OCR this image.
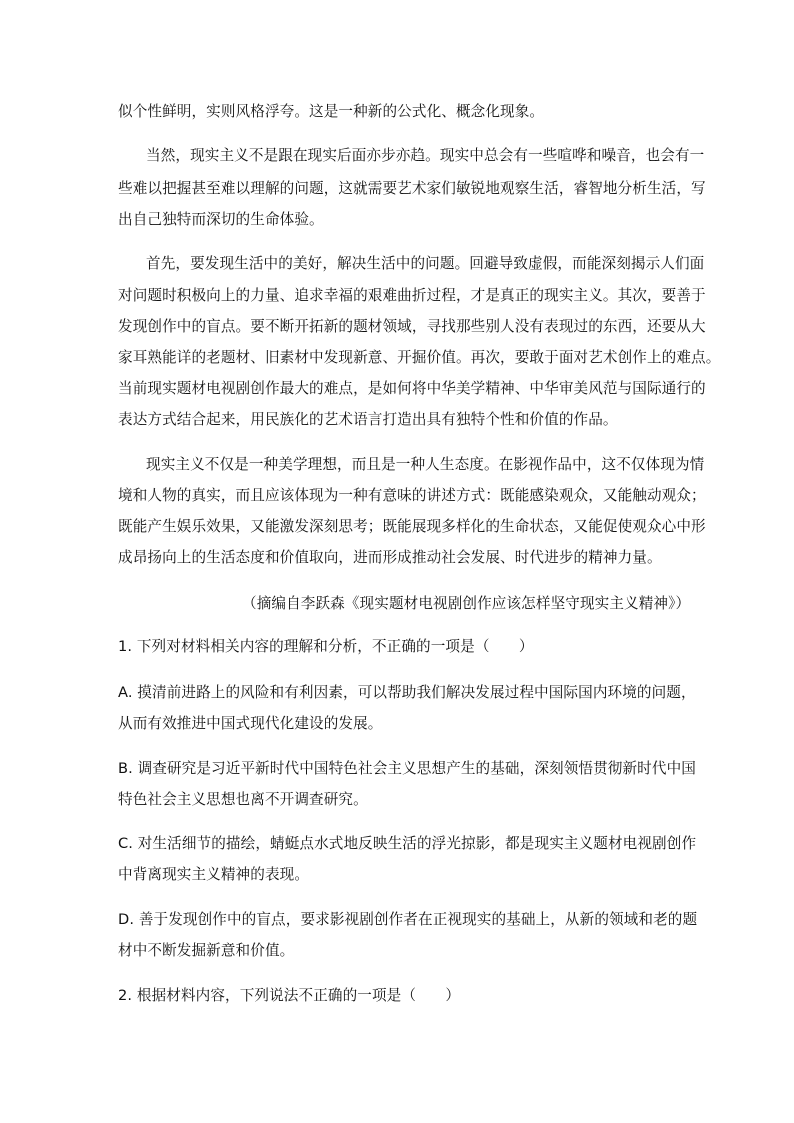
似个性鲜明，实则风格浮夸。这是一种新的公式化、概念化现象。
当然，现实主义不是跟在现实后面亦步亦趋。现实中总会有一些喧哗和噪音，也会有一
些难以把握甚至难以理解的问题，这就需要艺术家们敏锐地观察生活，睿智地分析生活，写
出自己独特而深切的生命体验。
首先，要发现生活中的美好，解决生活中的问题。回避导致虚假，而能深刻揭示人们面
对问题时积极向上的力量、追求幸福的艰难曲折过程，才是真正的现实主义。其次，要善于
发现创作中的盲点。要不断开拓新的题材领域，寻找那些别人没有表现过的东西，还要从大
家耳熟能详的老题材、旧素材中发现新意、开掘价值。再次，要敢于面对艺术创作上的难点。
当前现实题材电视剧创作最大的难点，是如何将中华美学精神、中华审美风范与国际通行的
表达方式结合起来，用民族化的艺术语言打造出具有独特个性和价值的作品。
现实主义不仅是一种美学理想，而且是一种人生态度。在影视作品中，这不仅体现为情
境和人物的真实，而且应该体现为一种有意味的讲述方式：既能感染观众，又能触动观众；
既能产生娱乐效果，又能激发深刻思考；既能展现多样化的生命状态，又能促使观众心中形
成昂扬向上的生活态度和价值取向，进而形成推动社会发展、时代进步的精神力量。
（摘编自李跃森《现实题材电视剧创作应该怎样坚守现实主义精神》）
1. 下列对材料相关内容的理解和分析，不正确的一项是（　　）
A. 摸清前进路上的风险和有利因素，可以帮助我们解决发展过程中国际国内环境的问题，
从而有效推进中国式现代化建设的发展。
B. 调查研究是习近平新时代中国特色社会主义思想产生的基础，深刻领悟贯彻新时代中国
特色社会主义思想也离不开调查研究。
C. 对生活细节的描绘，蜻蜓点水式地反映生活的浮光掠影，都是现实主义题材电视剧创作
中背离现实主义精神的表现。
D. 善于发现创作中的盲点，要求影视剧创作者在正视现实的基础上，从新的领域和老的题
材中不断发掘新意和价值。
2. 根据材料内容，下列说法不正确的一项是（　　）
